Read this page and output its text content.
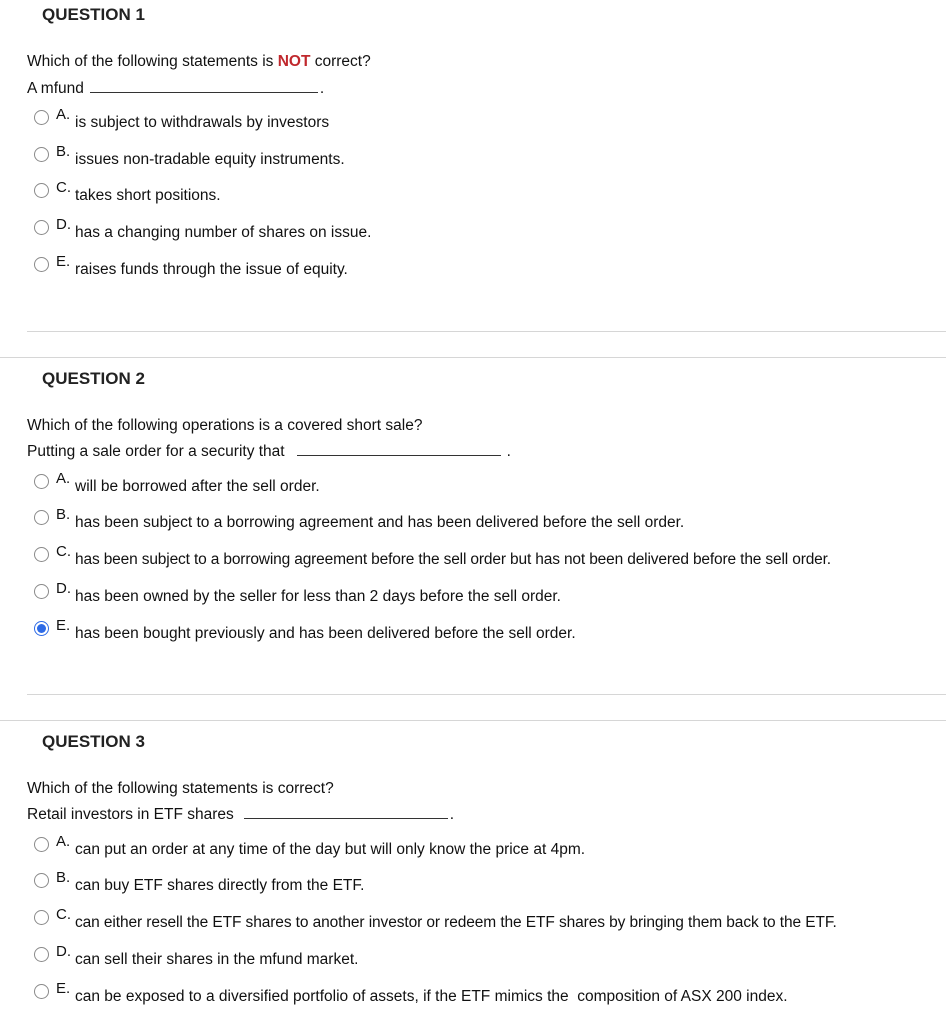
QUESTION 1
Which of the following statements is NOT correct?
A mfund	.
A. is subject to withdrawals by investors
B. issues non-tradable equity instruments.
C. takes short positions.
D. has a changing number of shares on issue.
E. raises funds through the issue of equity.
QUESTION 2
Which of the following operations is a covered short sale?
Putting a sale order for a security that	.
A. will be borrowed after the sell order.
B. has been subject to a borrowing agreement and has been delivered before the sell order.
C. has been subject to a borrowing agreement before the sell order but has not been delivered before the sell order.
D. has been owned by the seller for less than 2 days before the sell order.
E. has been bought previously and has been delivered before the sell order.
QUESTION 3
Which of the following statements is correct?
Retail investors in ETF shares	.
A. can put an order at any time of the day but will only know the price at 4pm.
B. can buy ETF shares directly from the ETF.
C. can either resell the ETF shares to another investor or redeem the ETF shares by bringing them back to the ETF.
D. can sell their shares in the mfund market.
E. can be exposed to a diversified portfolio of assets, if the ETF mimics the  composition of ASX 200 index.
